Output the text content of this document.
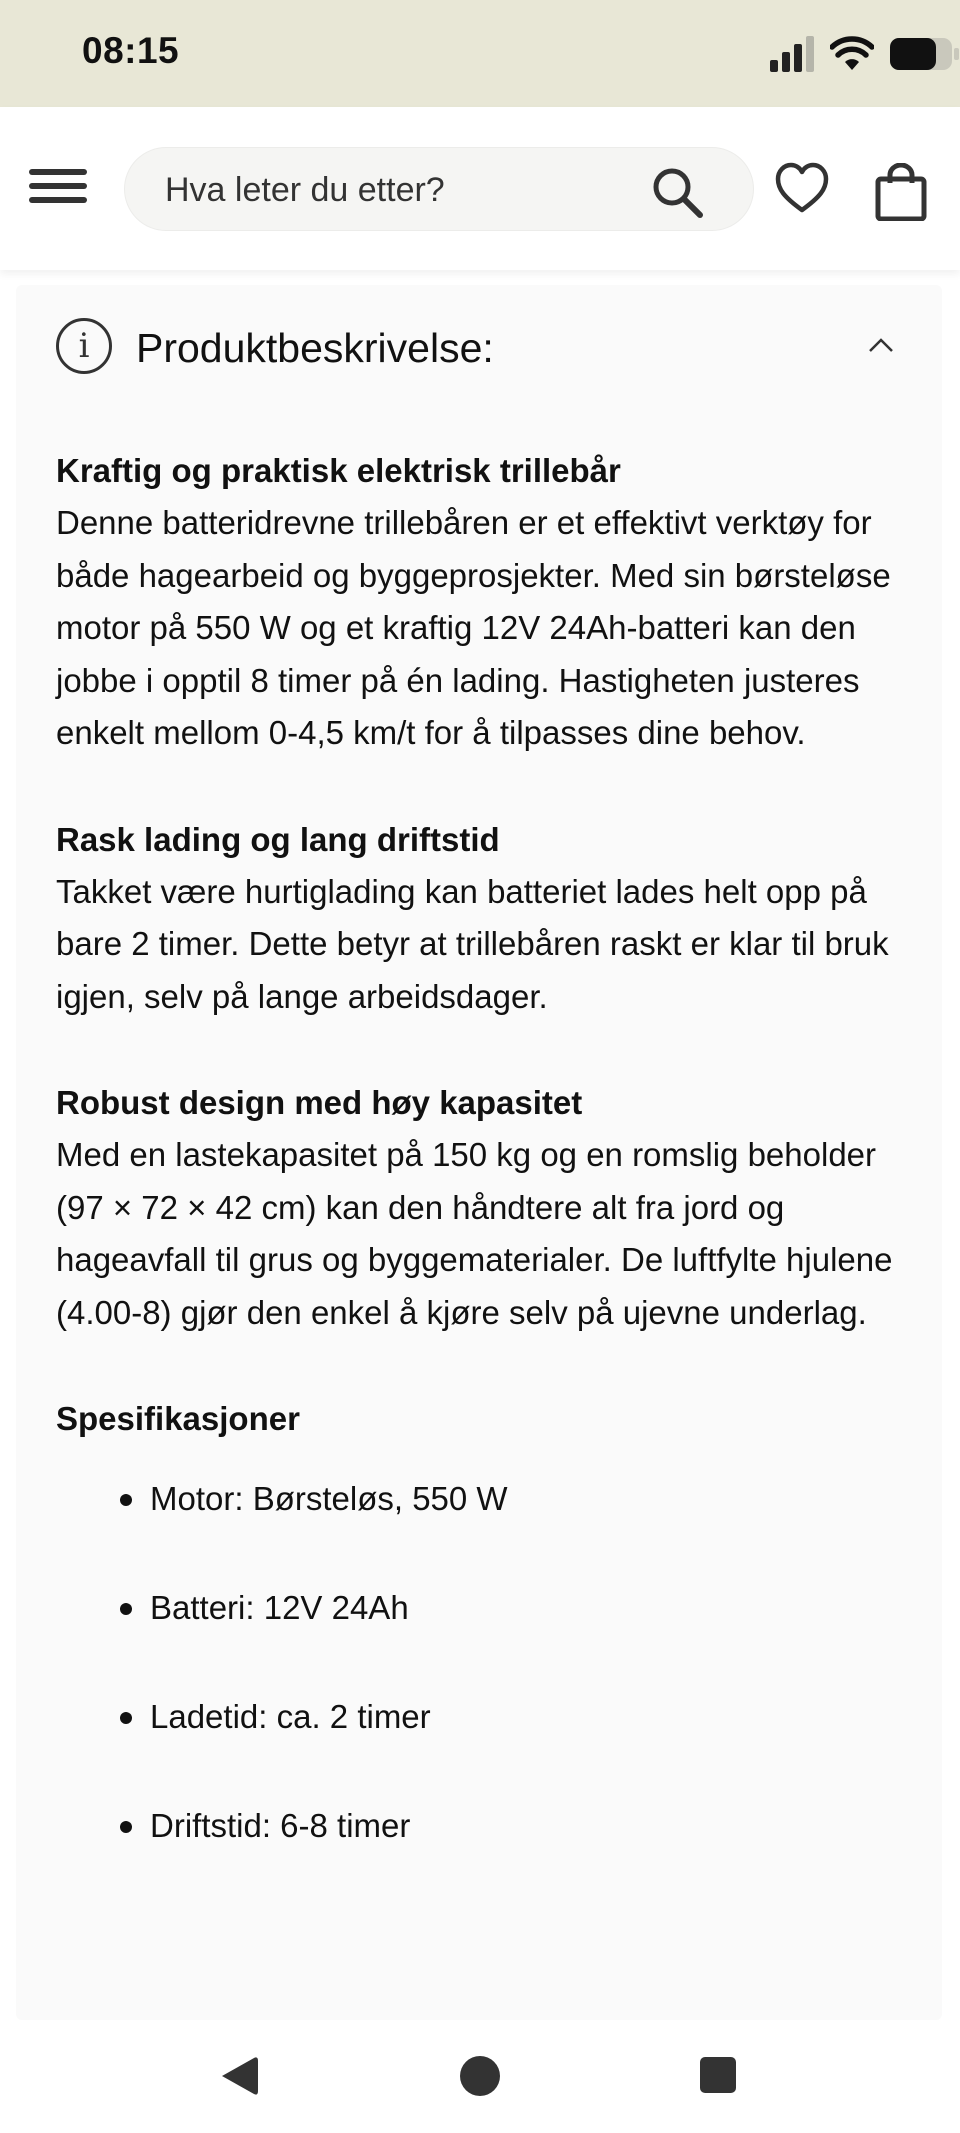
08:15
Hva leter du etter?
i	Produktbeskrivelse:

Kraftig og praktisk elektrisk trillebår

Denne batteridrevne trillebåren er et effektivt verktøy for både hagearbeid og byggeprosjekter. Med sin børsteløse motor på 550 W og et kraftig 12V 24Ah-batteri kan den jobbe i opptil 8 timer på én lading. Hastigheten justeres enkelt mellom 0-4,5 km/t for å tilpasses dine behov.

Rask lading og lang driftstid

Takket være hurtiglading kan batteriet lades helt opp på bare 2 timer. Dette betyr at trillebåren raskt er klar til bruk igjen, selv på lange arbeidsdager.

Robust design med høy kapasitet

Med en lastekapasitet på 150 kg og en romslig beholder (97 × 72 × 42 cm) kan den håndtere alt fra jord og hageavfall til grus og byggematerialer. De luftfylte hjulene (4.00-8) gjør den enkel å kjøre selv på ujevne underlag.

Spesifikasjoner

Motor: Børsteløs, 550 W
Batteri: 12V 24Ah
Ladetid: ca. 2 timer
Driftstid: 6-8 timer
